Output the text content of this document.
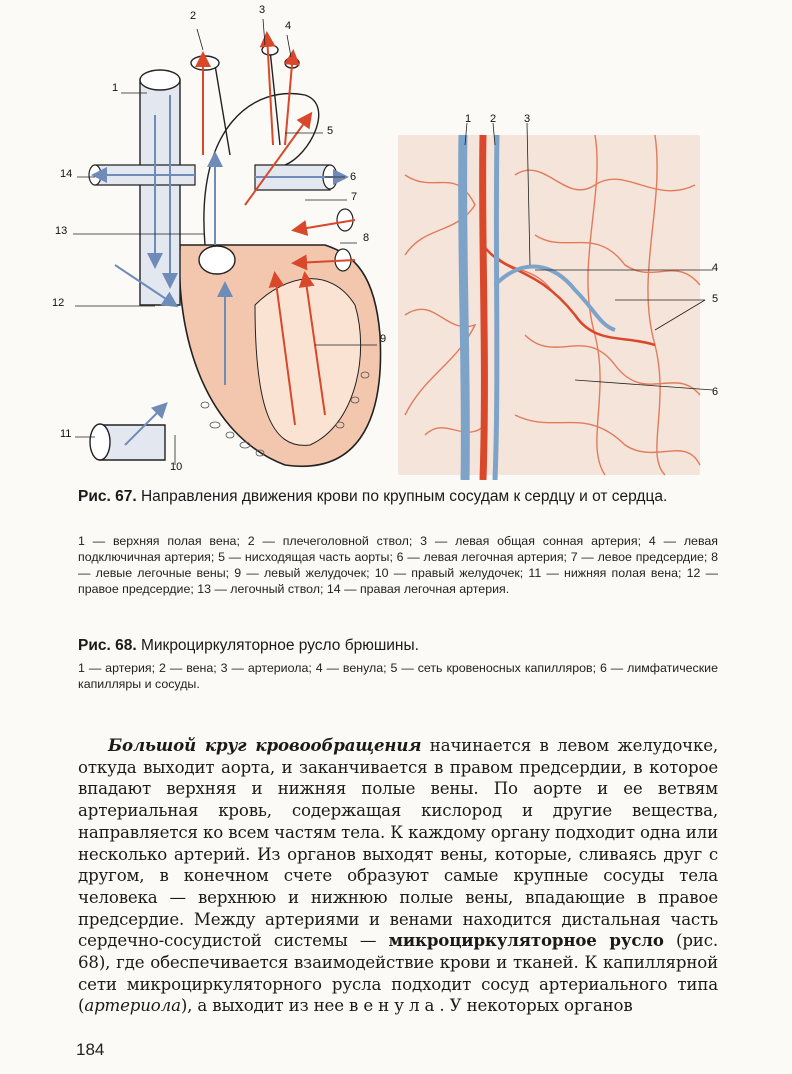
1
2	3
4
5
6
7
8
9
10
11
12
13
14
1 2	3
4
5
6
Рис. 67. Направления движения крови по крупным сосудам к сердцу и от сердца.
1 — верхняя полая вена; 2 — плечеголовной ствол; 3 — левая общая сонная артерия; 4 — левая подключичная артерия; 5 — нисходящая часть аорты; 6 — левая легочная артерия; 7 — левое предсердие; 8 — левые легочные вены; 9 — левый желудочек; 10 — правый желудочек; 11 — нижняя полая вена; 12 — правое предсердие; 13 — легочный ствол; 14 — правая легочная артерия.
Рис. 68. Микроциркуляторное русло брюшины.
1 — артерия; 2 — вена; 3 — артериола; 4 — венула; 5 — сеть кровеносных капилляров; 6 — лимфатические капилляры и сосуды.
Большой круг кровообращения начинается в левом желудочке, откуда выходит аорта, и заканчивается в правом предсердии, в которое впадают верхняя и нижняя полые вены. По аорте и ее ветвям артериальная кровь, содержащая кислород и другие вещества, направляется ко всем частям тела. К каждому органу подходит одна или несколько артерий. Из органов выходят вены, которые, сливаясь друг с другом, в конечном счете образуют самые крупные сосуды тела человека — верхнюю и нижнюю полые вены, впадающие в правое предсердие. Между артериями и венами находится дистальная часть сердечно-сосудистой системы — микроциркуляторное русло (рис. 68), где обеспечивается взаимодействие крови и тканей. К капиллярной сети микроциркуляторного русла подходит сосуд артериального типа (артериола), а выходит из нее венула. У некоторых органов
184
